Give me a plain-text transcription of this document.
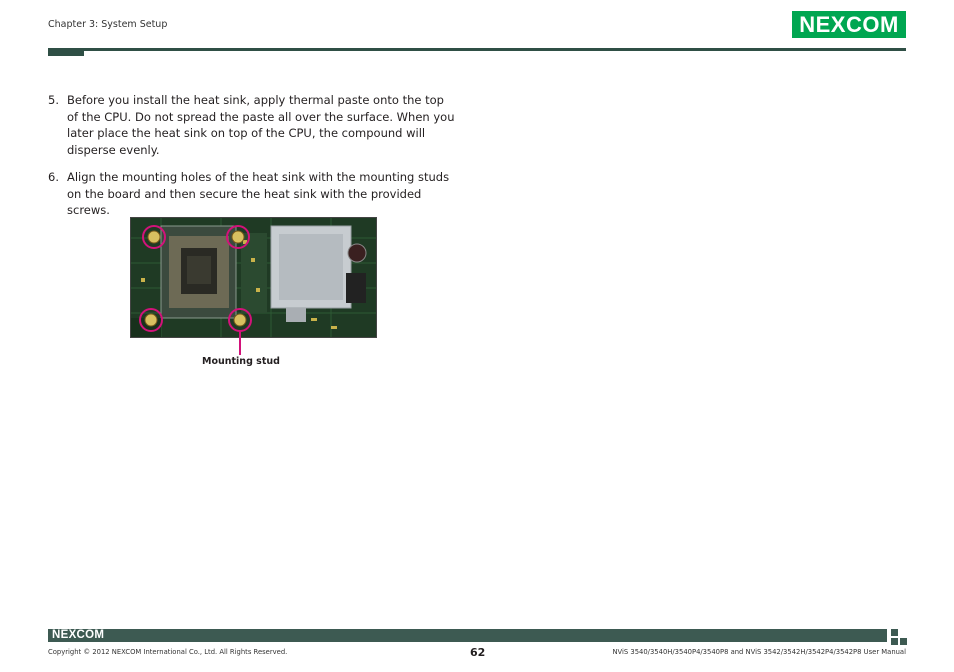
Chapter 3: System Setup	NEXCOM
5. Before you install the heat sink, apply thermal paste onto the top of the CPU. Do not spread the paste all over the surface. When you later place the heat sink on top of the CPU, the compound will disperse evenly.
6. Align the mounting holes of the heat sink with the mounting studs on the board and then secure the heat sink with the provided screws.
Mounting stud
NEXCOM
Copyright © 2012 NEXCOM International Co., Ltd. All Rights Reserved.	62	NViS 3540/3540H/3540P4/3540P8 and NViS 3542/3542H/3542P4/3542P8 User Manual
